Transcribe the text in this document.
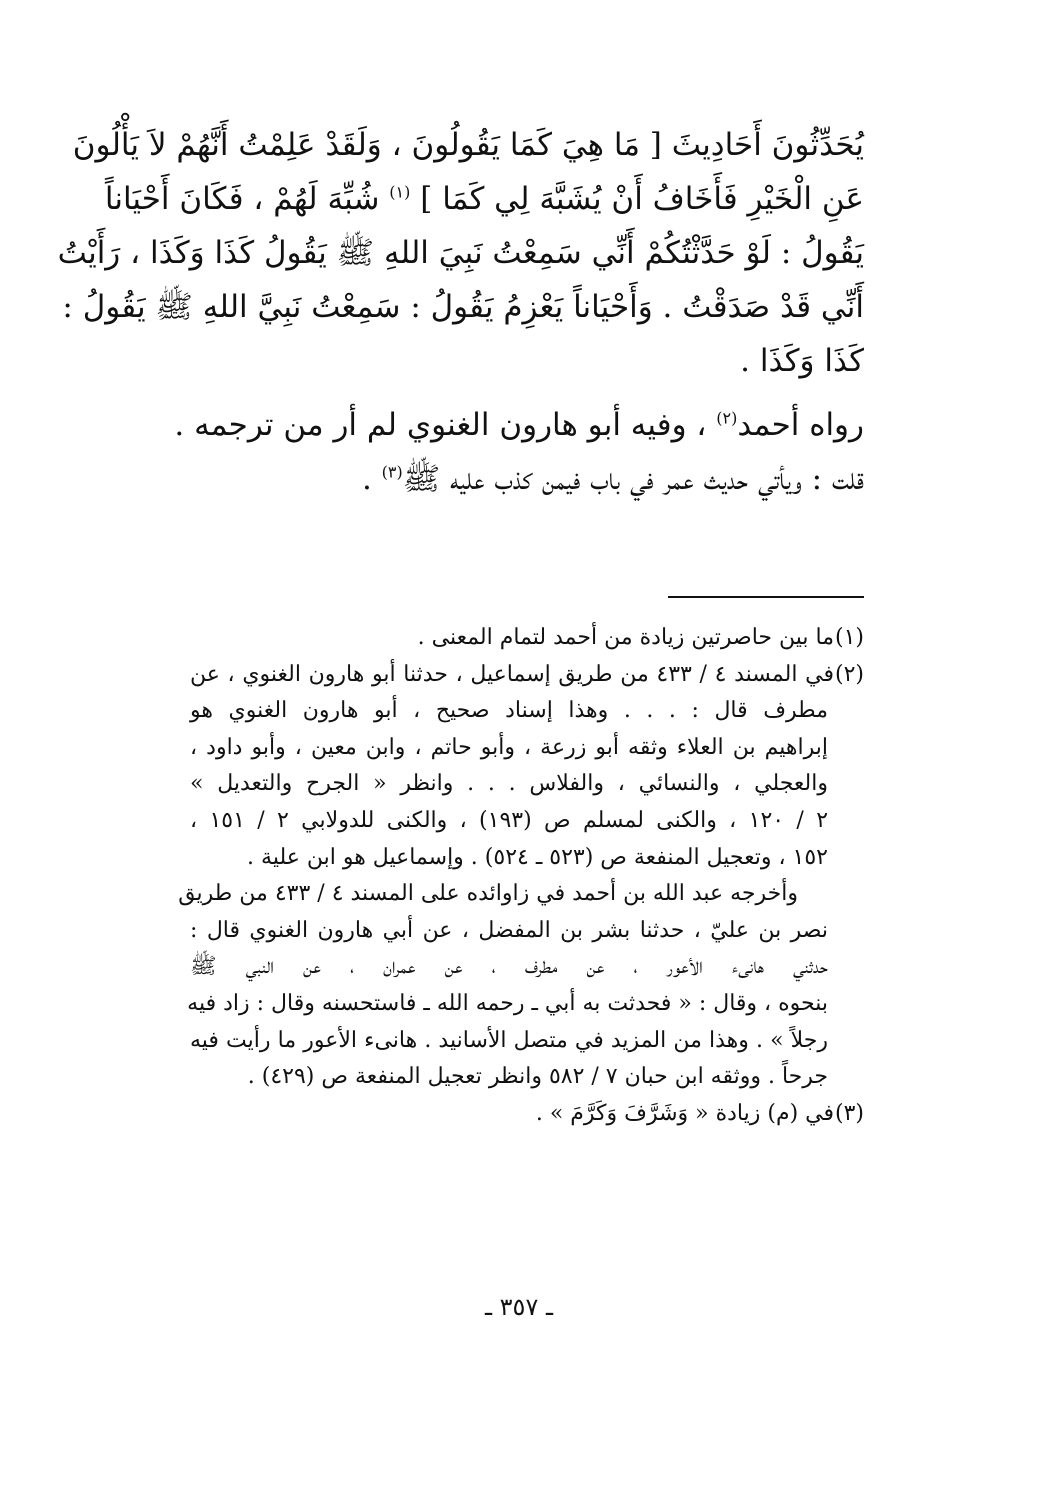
يُحَدِّثُونَ أَحَادِيثَ [ مَا هِيَ كَمَا يَقُولُونَ ، وَلَقَدْ عَلِمْتُ أَنَّهُمْ لاَ يَأْلُونَ
عَنِ الْخَيْرِ فَأَخَافُ أَنْ يُشَبَّهَ لِي كَمَا ] $^{(١)}$ شُبِّهَ لَهُمْ ، فَكَانَ أَحْيَاناً
يَقُولُ : لَوْ حَدَّثْتُكُمْ أَنِّي سَمِعْتُ نَبِيَ اللهِ ﷺ يَقُولُ كَذَا وَكَذَا ، رَأَيْتُ
أَنِّي قَدْ صَدَقْتُ . وَأَحْيَاناً يَعْزِمُ يَقُولُ : سَمِعْتُ نَبِيَّ اللهِ ﷺ يَقُولُ :
كَذَا وَكَذَا .
رواه أحمد$^{(٢)}$ ، وفيه أبو هارون الغنوي لم أر من ترجمه .
قلت : ويأتي حديث عمر في باب فيمن كذب عليه ﷺ$^{(٣)}$ .
(١)ما بين حاصرتين زيادة من أحمد لتمام المعنى .
(٢)في المسند ٤ / ٤٣٣ من طريق إسماعيل ، حدثنا أبو هارون الغنوي ، عن
مطرف قال : . . . وهذا إسناد صحيح ، أبو هارون الغنوي هو
إبراهيم بن العلاء وثقه أبو زرعة ، وأبو حاتم ، وابن معين ، وأبو داود ،
والعجلي ، والنسائي ، والفلاس . . . وانظر « الجرح والتعديل »
٢ / ١٢٠ ، والكنى لمسلم ص (١٩٣) ، والكنى للدولابي ٢ / ١٥١ ،
١٥٢ ، وتعجيل المنفعة ص (٥٢٣ ـ ٥٢٤) . وإسماعيل هو ابن علية .
وأخرجه عبد الله بن أحمد في زاوائده على المسند ٤ / ٤٣٣ من طريق
نصر بن عليّ ، حدثنا بشر بن المفضل ، عن أبي هارون الغنوي قال :
حدثني هانىء الأعور ، عن مطرف ، عن عمران ، عن النبي ﷺ
بنحوه ، وقال : « فحدثت به أبي ـ رحمه الله ـ فاستحسنه وقال : زاد فيه
رجلاً » . وهذا من المزيد في متصل الأسانيد . هانىء الأعور ما رأيت فيه
جرحاً . ووثقه ابن حبان ٧ / ٥٨٢ وانظر تعجيل المنفعة ص (٤٢٩) .
(٣)في (م) زيادة « وَشَرَّفَ وَكَرَّمَ » .
ـ ٣٥٧ ـ
